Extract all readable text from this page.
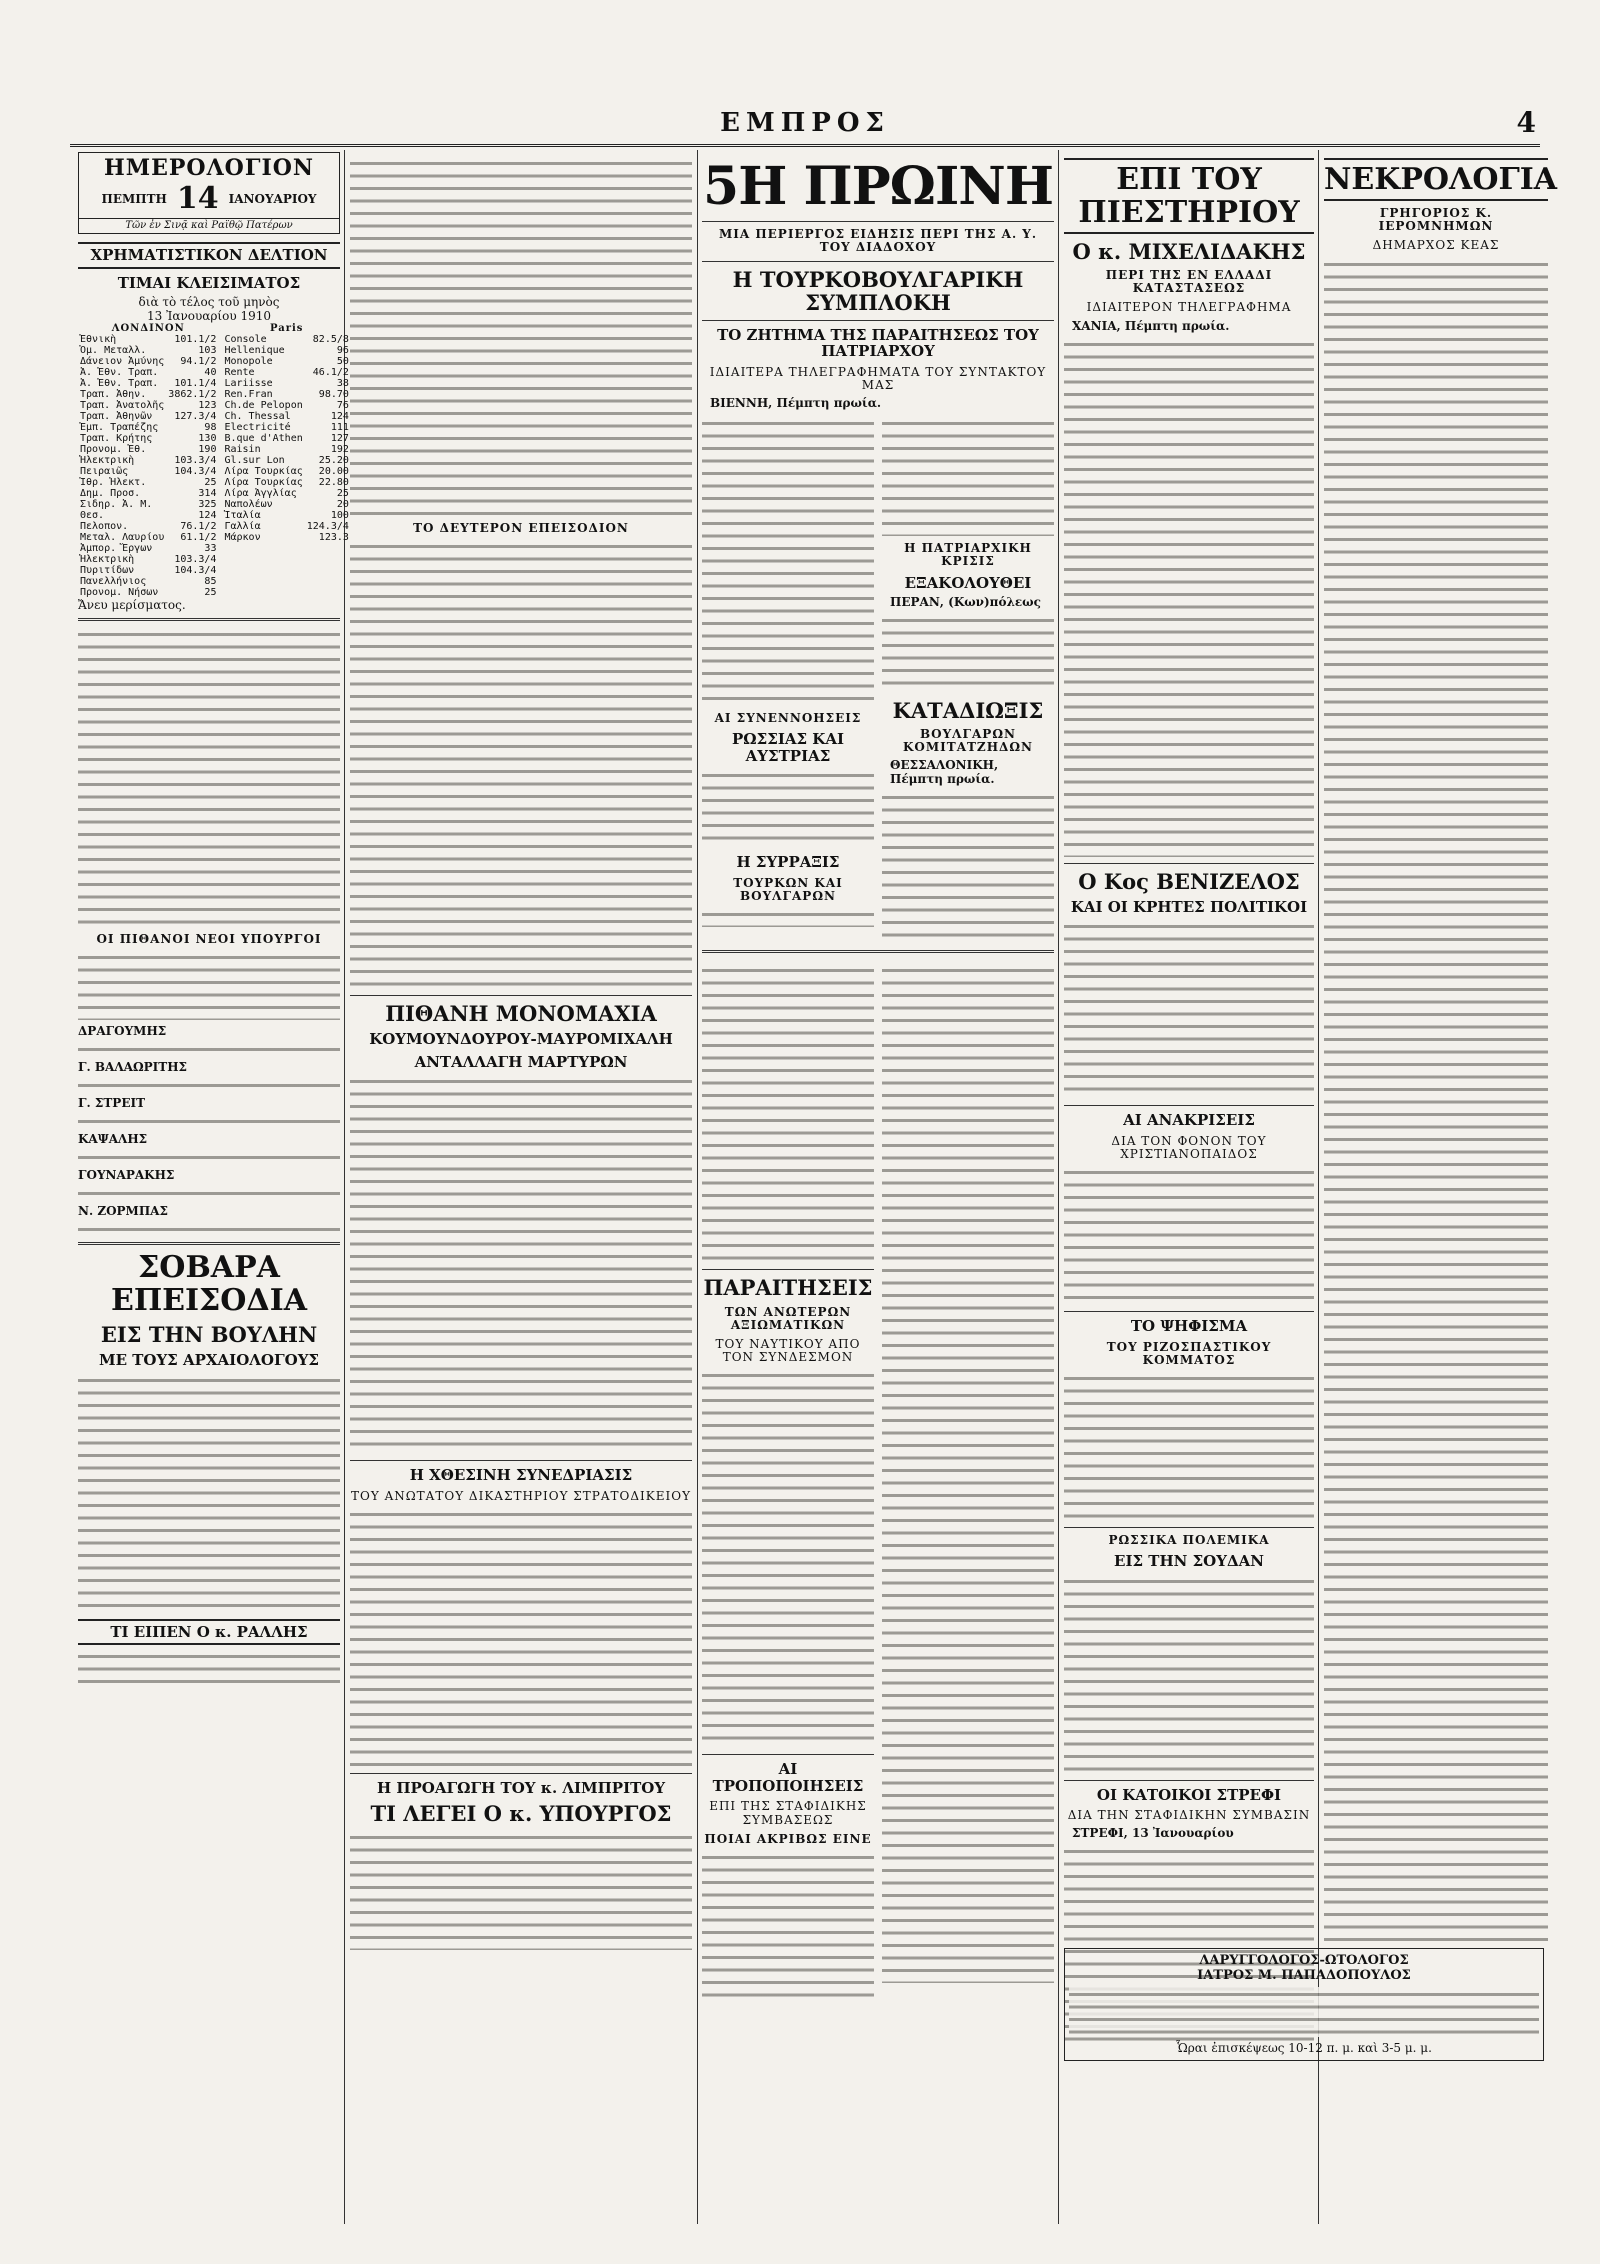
ΕΜΠΡΟΣ	4
ΗΜΕΡΟΛΟΓΙΟΝ
ΠΕΜΠΤΗ 14 ΙΑΝΟΥΑΡΙΟΥ
Τῶν ἐν Σινᾷ καὶ Ραϊθῷ Πατέρων
ΧΡΗΜΑΤΙΣΤΙΚΟΝ ΔΕΛΤΙΟΝ
ΤΙΜΑΙ ΚΛΕΙΣΙΜΑΤΟΣ
διὰ τὸ τέλος τοῦ μηνὸς
13 Ἰανουαρίου 1910
ΛΟΝΔΙΝΟΝ
Ἐθνικὴ	101.1/2
Ὁμ. Μεταλλ.	103
Δάνειον Ἀμύνης	94.1/2
Ἀ. Ἐθν. Τραπ.	40
Ἀ. Ἐθν. Τραπ.	101.1/4
Τραπ. Ἀθην.	3862.1/2
Τραπ. Ἀνατολῆς	123
Τραπ. Ἀθηνῶν	127.3/4
Ἐμπ. Τραπέζης	98
Τραπ. Κρήτης	130
Προνομ. Ἐθ.	190
Ἠλεκτρικὴ	103.3/4
Πειραιῶς	104.3/4
Ἰθρ. Ἠλεκτ.	25
Δημ. Προσ.	314
Σιδηρ. Ἀ. Μ.	325
Θεσ.	124
Πελοπον.	76.1/2
Μεταλ. Λαυρίου	61.1/2
Ἀμπορ. Ἔργων	33
Ἠλεκτρικὴ	103.3/4
Πυριτίδων	104.3/4
Πανελλήνιος	85
Προνομ. Νήσων	25
Paris
Console	82.5/8
Hellenique	96
Monopole	50
Rente	46.1/2
Lariisse	38
Ren.Fran	98.70
Ch.de Pelopon	76
Ch. Thessal	124
Electricité	111
B.que d'Athen	127
Raisin	192
Gl.sur Lon	25.20
Λίρα Τουρκίας	20.00
Λίρα Τουρκίας	22.80
Λίρα Ἀγγλίας	25
Ναπολέων	20
Ἰταλία	100
Γαλλία	124.3/4
Μάρκον	123.3
Ἄνευ μερίσματος.
ΟΙ ΠΙΘΑΝΟΙ ΝΕΟΙ ΥΠΟΥΡΓΟΙ
ΔΡΑΓΟΥΜΗΣ
Γ. ΒΑΛΑΩΡΙΤΗΣ
Γ. ΣΤΡΕΙΤ
ΚΑΨΑΛΗΣ
ΓΟΥΝΑΡΑΚΗΣ
Ν. ΖΟΡΜΠΑΣ
ΣΟΒΑΡΑ ΕΠΕΙΣΟΔΙΑ
ΕΙΣ ΤΗΝ ΒΟΥΛΗΝ
ΜΕ ΤΟΥΣ ΑΡΧΑΙΟΛΟΓΟΥΣ
ΤΙ ΕΙΠΕΝ Ο κ. ΡΑΛΛΗΣ
ΤΟ ΔΕΥΤΕΡΟΝ ΕΠΕΙΣΟΔΙΟΝ
ΠΙΘΑΝΗ ΜΟΝΟΜΑΧΙΑ
ΚΟΥΜΟΥΝΔΟΥΡΟΥ-ΜΑΥΡΟΜΙΧΑΛΗ
ΑΝΤΑΛΛΑΓΗ ΜΑΡΤΥΡΩΝ
Η ΧΘΕΣΙΝΗ ΣΥΝΕΔΡΙΑΣΙΣ
ΤΟΥ ΑΝΩΤΑΤΟΥ ΔΙΚΑΣΤΗΡΙΟΥ ΣΤΡΑΤΟΔΙΚΕΙΟΥ
Η ΠΡΟΑΓΩΓΗ ΤΟΥ κ. ΛΙΜΠΡΙΤΟΥ
ΤΙ ΛΕΓΕΙ Ο κ. ΥΠΟΥΡΓΟΣ
5Η ΠΡΩΙΝΗ
ΜΙΑ ΠΕΡΙΕΡΓΟΣ ΕΙΔΗΣΙΣ ΠΕΡΙ ΤΗΣ Α. Υ. ΤΟΥ ΔΙΑΔΟΧΟΥ
Η ΤΟΥΡΚΟΒΟΥΛΓΑΡΙΚΗ ΣΥΜΠΛΟΚΗ
ΤΟ ΖΗΤΗΜΑ ΤΗΣ ΠΑΡΑΙΤΗΣΕΩΣ ΤΟΥ ΠΑΤΡΙΑΡΧΟΥ
ΙΔΙΑΙΤΕΡΑ ΤΗΛΕΓΡΑΦΗΜΑΤΑ ΤΟΥ ΣΥΝΤΑΚΤΟΥ ΜΑΣ
ΒΙΕΝΝΗ, Πέμπτη πρωία.
ΑΙ ΣΥΝΕΝΝΟΗΣΕΙΣ
ΡΩΣΣΙΑΣ ΚΑΙ ΑΥΣΤΡΙΑΣ
Η ΣΥΡΡΑΞΙΣ
ΤΟΥΡΚΩΝ ΚΑΙ ΒΟΥΛΓΑΡΩΝ
Η ΠΑΤΡΙΑΡΧΙΚΗ ΚΡΙΣΙΣ
ΕΞΑΚΟΛΟΥΘΕΙ
ΠΕΡΑΝ, (Κων)πόλεως
ΚΑΤΑΔΙΩΞΙΣ
ΒΟΥΛΓΑΡΩΝ ΚΟΜΙΤΑΤΖΗΔΩΝ
ΘΕΣΣΑΛΟΝΙΚΗ, Πέμπτη πρωία.
ΠΑΡΑΙΤΗΣΕΙΣ
ΤΩΝ ΑΝΩΤΕΡΩΝ ΑΞΙΩΜΑΤΙΚΩΝ
ΤΟΥ ΝΑΥΤΙΚΟΥ ΑΠΟ ΤΟΝ ΣΥΝΔΕΣΜΟΝ
ΑΙ ΤΡΟΠΟΠΟΙΗΣΕΙΣ
ΕΠΙ ΤΗΣ ΣΤΑΦΙΔΙΚΗΣ ΣΥΜΒΑΣΕΩΣ
ΠΟΙΑΙ ΑΚΡΙΒΩΣ ΕΙΝΕ
ΕΠΙ ΤΟΥ ΠΙΕΣΤΗΡΙΟΥ
Ο κ. ΜΙΧΕΛΙΔΑΚΗΣ
ΠΕΡΙ ΤΗΣ ΕΝ ΕΛΛΑΔΙ ΚΑΤΑΣΤΑΣΕΩΣ
ΙΔΙΑΙΤΕΡΟΝ ΤΗΛΕΓΡΑΦΗΜΑ
ΧΑΝΙΑ, Πέμπτη πρωία.
Ο Κος ΒΕΝΙΖΕΛΟΣ
ΚΑΙ ΟΙ ΚΡΗΤΕΣ ΠΟΛΙΤΙΚΟΙ
ΑΙ ΑΝΑΚΡΙΣΕΙΣ
ΔΙΑ ΤΟΝ ΦΟΝΟΝ ΤΟΥ ΧΡΙΣΤΙΑΝΟΠΑΙΔΟΣ
ΤΟ ΨΗΦΙΣΜΑ
ΤΟΥ ΡΙΖΟΣΠΑΣΤΙΚΟΥ ΚΟΜΜΑΤΟΣ
ΡΩΣΣΙΚΑ ΠΟΛΕΜΙΚΑ
ΕΙΣ ΤΗΝ ΣΟΥΔΑΝ
ΟΙ ΚΑΤΟΙΚΟΙ ΣΤΡΕΦΙ
ΔΙΑ ΤΗΝ ΣΤΑΦΙΔΙΚΗΝ ΣΥΜΒΑΣΙΝ
ΣΤΡΕΦΙ, 13 Ἰανουαρίου
ΝΕΚΡΟΛΟΓΙΑ
ΓΡΗΓΟΡΙΟΣ Κ. ΙΕΡΟΜΝΗΜΩΝ
ΔΗΜΑΡΧΟΣ ΚΕΑΣ
ΛΑΡΥΓΓΟΛΟΓΟΣ-ΩΤΟΛΟΓΟΣ
ΙΑΤΡΟΣ Μ. ΠΑΠΑΔΟΠΟΥΛΟΣ
Ὧραι ἐπισκέψεως 10-12 π. μ. καὶ 3-5 μ. μ.
